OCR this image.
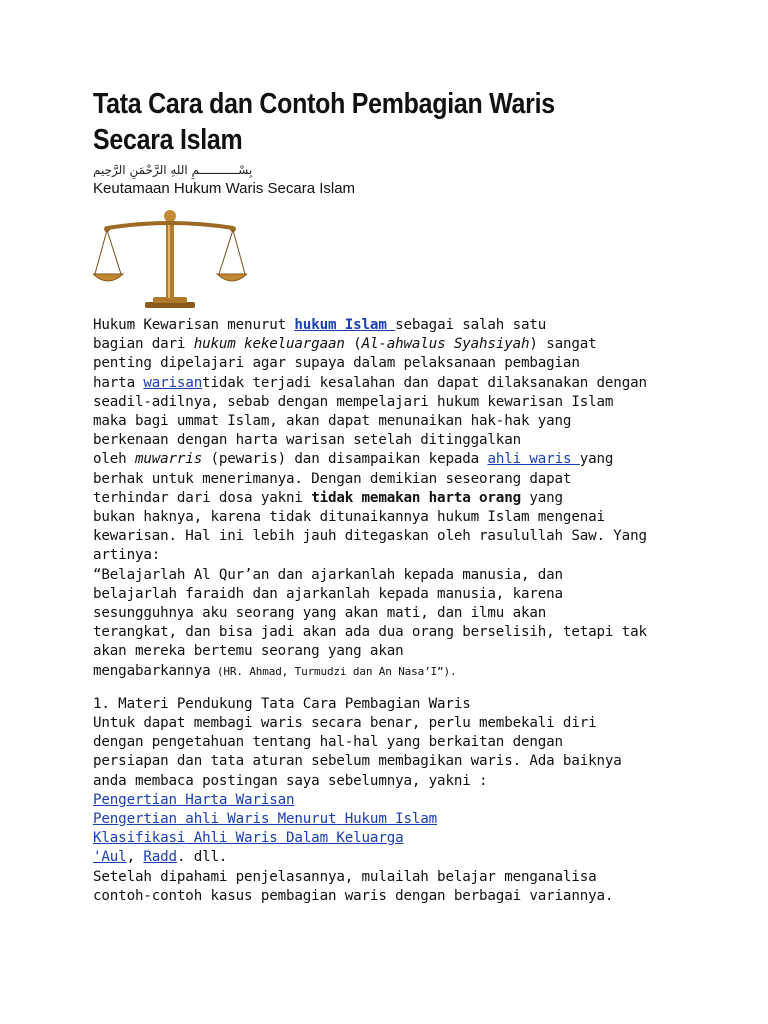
Tata Cara dan Contoh Pembagian Waris
Secara Islam
بِسْـــــــــــمِ اللهِ الرَّحْمَنِ الرَّحِيم
Keutamaan Hukum Waris Secara Islam

Hukum Kewarisan menurut hukum Islam sebagai salah satu
bagian dari hukum kekeluargaan (Al-ahwalus Syahsiyah) sangat
penting dipelajari agar supaya dalam pelaksanaan pembagian
harta warisantidak terjadi kesalahan dan dapat dilaksanakan dengan
seadil-adilnya, sebab dengan mempelajari hukum kewarisan Islam
maka bagi ummat Islam, akan dapat menunaikan hak-hak yang
berkenaan dengan harta warisan setelah ditinggalkan
oleh muwarris (pewaris) dan disampaikan kepada ahli waris yang
berhak untuk menerimanya. Dengan demikian seseorang dapat
terhindar dari dosa yakni tidak memakan harta orang yang
bukan haknya, karena tidak ditunaikannya hukum Islam mengenai
kewarisan. Hal ini lebih jauh ditegaskan oleh rasulullah Saw. Yang
artinya:
“Belajarlah Al Qur’an dan ajarkanlah kepada manusia, dan
belajarlah faraidh dan ajarkanlah kepada manusia, karena
sesungguhnya aku seorang yang akan mati, dan ilmu akan
terangkat, dan bisa jadi akan ada dua orang berselisih, tetapi tak
akan mereka bertemu seorang yang akan
mengabarkannya (HR. Ahmad, Turmudzi dan An Nasa’I”).

1. Materi Pendukung Tata Cara Pembagian Waris
Untuk dapat membagi waris secara benar, perlu membekali diri
dengan pengetahuan tentang hal-hal yang berkaitan dengan
persiapan dan tata aturan sebelum membagikan waris. Ada baiknya
anda membaca postingan saya sebelumnya, yakni :
Pengertian Harta Warisan
Pengertian ahli Waris Menurut Hukum Islam
Klasifikasi Ahli Waris Dalam Keluarga
'Aul, Radd. dll.
Setelah dipahami penjelasannya, mulailah belajar menganalisa
contoh-contoh kasus pembagian waris dengan berbagai variannya.
